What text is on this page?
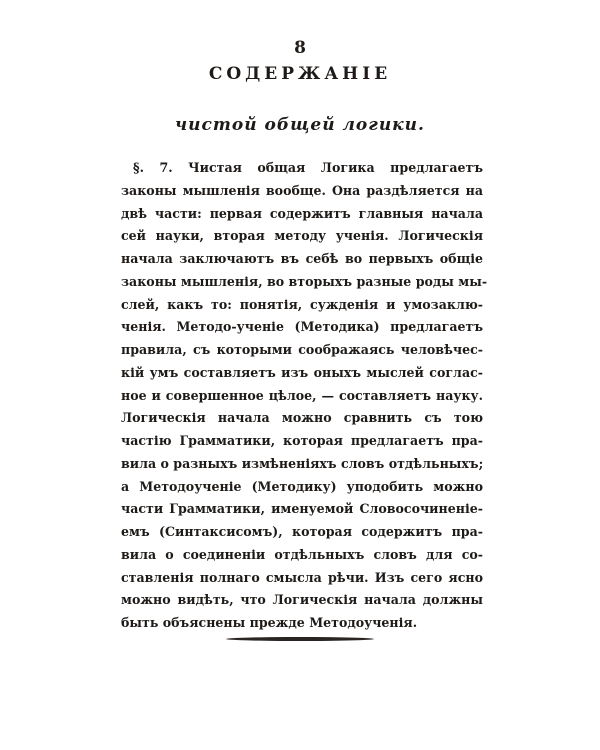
8
СОДЕРЖАНІЕ
чистой общей логики.
§. 7. Чистая общая Логика предлагаетъ
законы мышленія вообще. Она раздѣляется на
двѣ части: первая содержитъ главныя начала
сей науки, вторая методу ученія. Логическія
начала заключаютъ въ себѣ во первыхъ общіе
законы мышленія, во вторыхъ разные роды мы-
слей, какъ то: понятія, сужденія и умозаклю-
ченія. Методо-ученіе (Методика) предлагаетъ
правила, съ которыми соображаясь человѣчес-
кій умъ составляетъ изъ оныхъ мыслей соглас-
ное и совершенное цѣлое, — составляетъ науку.
Логическія начала можно сравнить съ тою
частію Грамматики, которая предлагаетъ пра-
вила о разныхъ измѣненіяхъ словъ отдѣльныхъ;
а Методоученіе (Методику) уподобить можно
части Грамматики, именуемой Словосочиненіе-
емъ (Синтаксисомъ), которая содержитъ пра-
вила о соединеніи отдѣльныхъ словъ для со-
ставленія полнаго смысла рѣчи. Изъ сего ясно
можно видѣть, что Логическія начала должны
быть объяснены прежде Методоученія.
